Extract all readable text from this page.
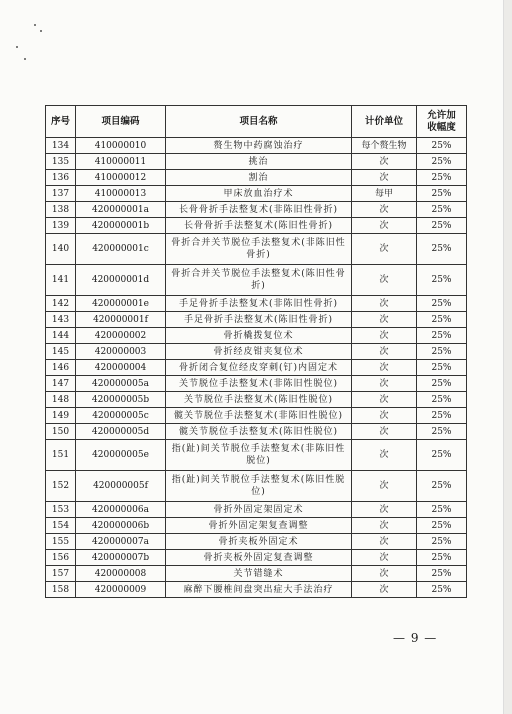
序号	项目编码	项目名称	计价单位	允许加收幅度
134	410000010	赘生物中药腐蚀治疗	每个赘生物	25%
135	410000011	挑治	次	25%
136	410000012	割治	次	25%
137	410000013	甲床放血治疗术	每甲	25%
138	420000001a	长骨骨折手法整复术(非陈旧性骨折)	次	25%
139	420000001b	长骨骨折手法整复术(陈旧性骨折)	次	25%
140	420000001c	骨折合并关节脱位手法整复术(非陈旧性骨折)	次	25%
141	420000001d	骨折合并关节脱位手法整复术(陈旧性骨折)	次	25%
142	420000001e	手足骨折手法整复术(非陈旧性骨折)	次	25%
143	420000001f	手足骨折手法整复术(陈旧性骨折)	次	25%
144	420000002	骨折橇拨复位术	次	25%
145	420000003	骨折经皮钳夹复位术	次	25%
146	420000004	骨折闭合复位经皮穿刺(钉)内固定术	次	25%
147	420000005a	关节脱位手法整复术(非陈旧性脱位)	次	25%
148	420000005b	关节脱位手法整复术(陈旧性脱位)	次	25%
149	420000005c	髋关节脱位手法整复术(非陈旧性脱位)	次	25%
150	420000005d	髋关节脱位手法整复术(陈旧性脱位)	次	25%
151	420000005e	指(趾)间关节脱位手法整复术(非陈旧性脱位)	次	25%
152	420000005f	指(趾)间关节脱位手法整复术(陈旧性脱位)	次	25%
153	420000006a	骨折外固定架固定术	次	25%
154	420000006b	骨折外固定架复查调整	次	25%
155	420000007a	骨折夹板外固定术	次	25%
156	420000007b	骨折夹板外固定复查调整	次	25%
157	420000008	关节错缝术	次	25%
158	420000009	麻醉下腰椎间盘突出症大手法治疗	次	25%
— 9 —
